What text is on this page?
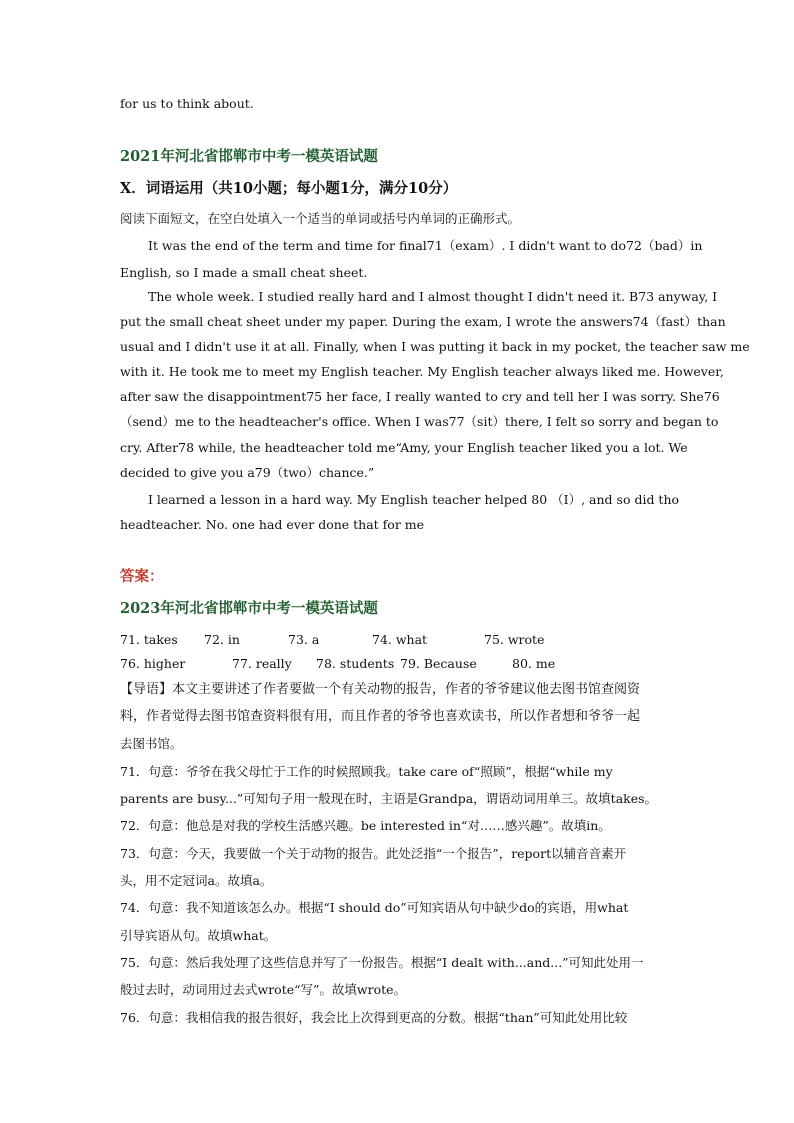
for us to think about.
2021年河北省邯郸市中考一模英语试题
X．词语运用（共10小题；每小题1分，满分10分）
阅读下面短文，在空白处填入一个适当的单词或括号内单词的正确形式。
It was the end of the term and time for final71（exam）. I didn't want to do72（bad）in
English, so I made a small cheat sheet.
The whole week. I studied really hard and I almost thought I didn't need it. B73 anyway, I
put the small cheat sheet under my paper. During the exam, I wrote the answers74（fast）than
usual and I didn't use it at all. Finally, when I was putting it back in my pocket, the teacher saw me
with it. He took me to meet my English teacher. My English teacher always liked me. However,
after saw the disappointment75 her face, I really wanted to cry and tell her I was sorry. She76
（send）me to the headteacher's office. When I was77（sit）there, I felt so sorry and began to
cry. After78 while, the headteacher told me“Amy, your English teacher liked you a lot. We
decided to give you a79（two）chance.”
I learned a lesson in a hard way. My English teacher helped 80 （I）, and so did tho
headteacher. No. one had ever done that for me
答案：
2023年河北省邯郸市中考一模英语试题
71. takes 72. in	73. a	74. what	75. wrote
76. higher	77. really 78. students 79. Because	80. me
【导语】本文主要讲述了作者要做一个有关动物的报告，作者的爷爷建议他去图书馆查阅资
料，作者觉得去图书馆查资料很有用，而且作者的爷爷也喜欢读书，所以作者想和爷爷一起
去图书馆。
71．句意：爷爷在我父母忙于工作的时候照顾我。take care of“照顾”，根据“while my
parents are busy...”可知句子用一般现在时，主语是Grandpa，谓语动词用单三。故填takes。
72．句意：他总是对我的学校生活感兴趣。be interested in“对……感兴趣”。故填in。
73．句意：今天，我要做一个关于动物的报告。此处泛指“一个报告”，report以辅音音素开
头，用不定冠词a。故填a。
74．句意：我不知道该怎么办。根据“I should do”可知宾语从句中缺少do的宾语，用what
引导宾语从句。故填what。
75．句意：然后我处理了这些信息并写了一份报告。根据“I dealt with...and...”可知此处用一
般过去时，动词用过去式wrote“写”。故填wrote。
76．句意：我相信我的报告很好，我会比上次得到更高的分数。根据“than”可知此处用比较
